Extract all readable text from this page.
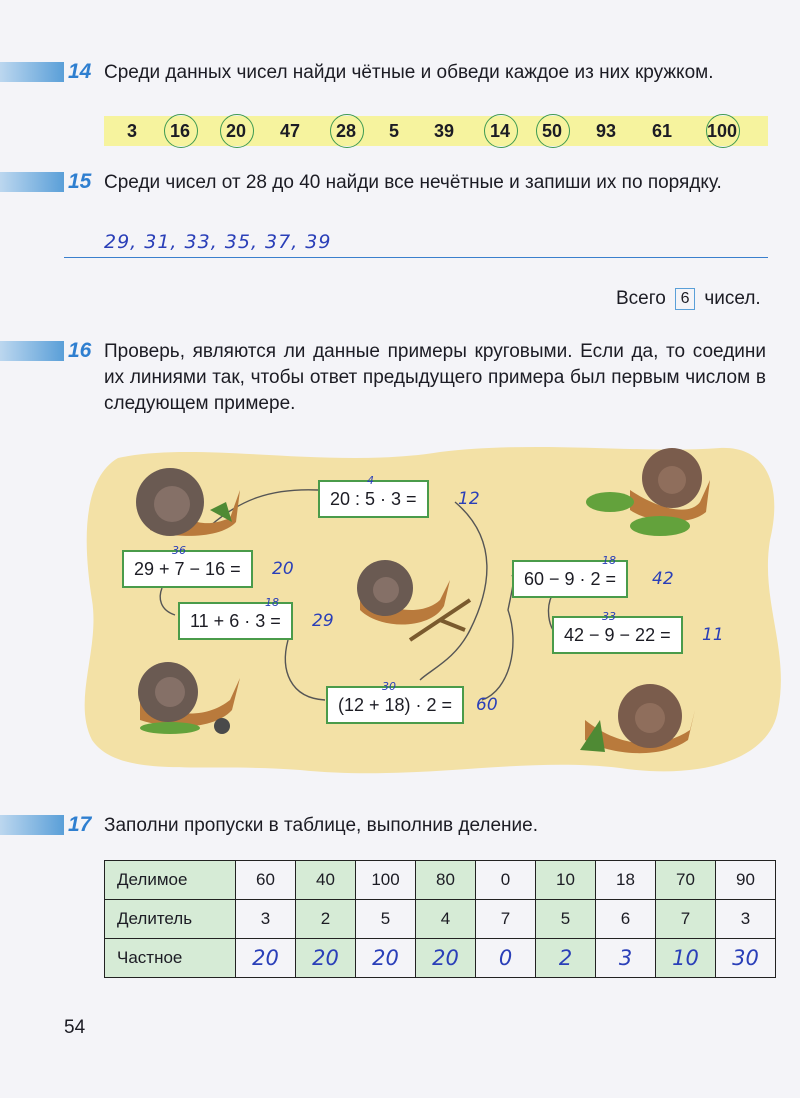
14 Среди данных чисел найди чётные и обведи каждое из них кружком.
3	16	20	47	28	5	39	14	50	93	61	100
15 Среди чисел от 28 до 40 найди все нечётные и запиши их по порядку.
29, 31, 33, 35, 37, 39
Всего 6 чисел.
16 Проверь, являются ли данные примеры круговыми. Если да, то соедини их линиями так, чтобы ответ предыдущего примера был первым числом в следующем примере.
20 : 5 · 3 =	12
4
29 + 7 − 16 =	20
36
11 + 6 · 3 =	29
18
60 − 9 · 2 =	42
18
42 − 9 − 22 =	11
33
(12 + 18) · 2 =	60
30
17 Заполни пропуски в таблице, выполнив деление.
Делимое	60	40	100	80	0	10	18	70	90
Делитель	3	2	5	4	7	5	6	7	3
Частное	20	20	20	20	0	2	3	10	30
54
